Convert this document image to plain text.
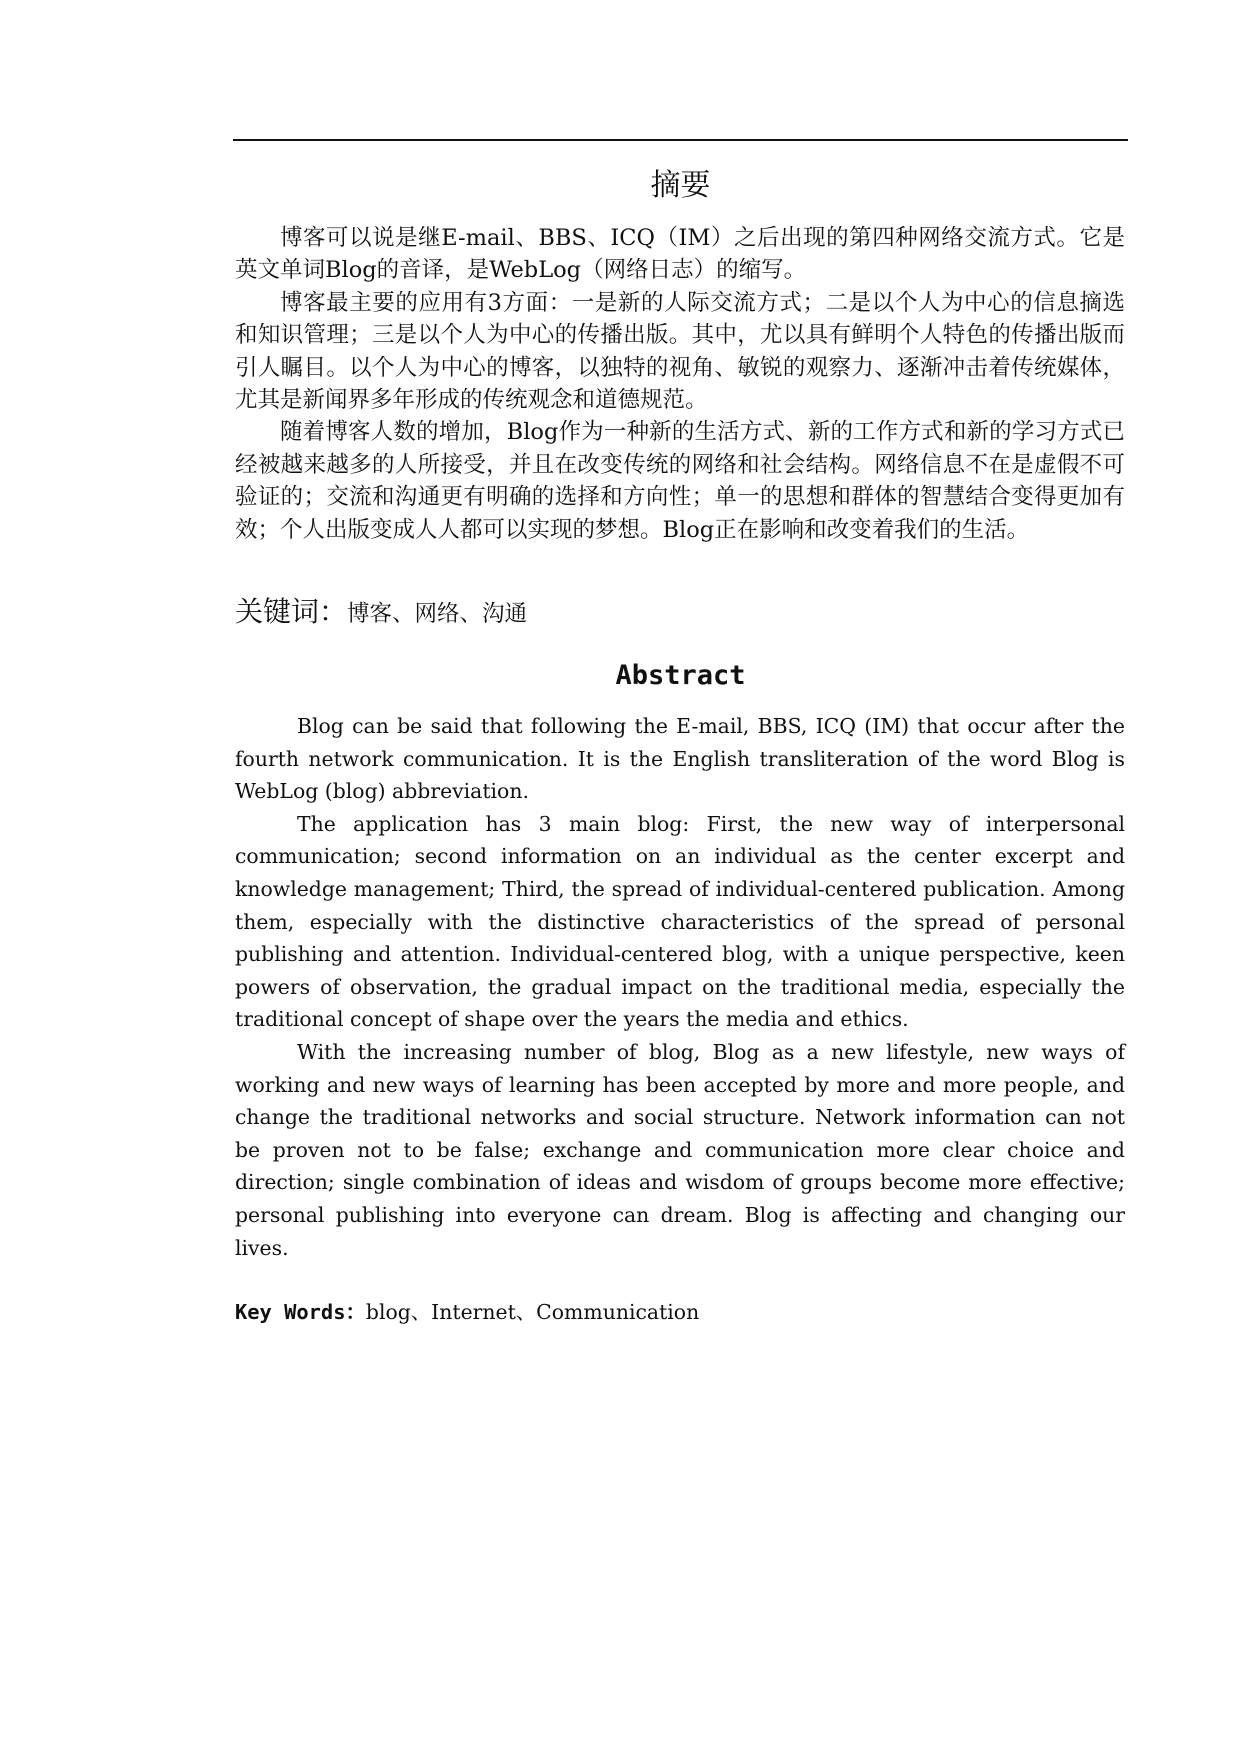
摘要

博客可以说是继E-mail、BBS、ICQ（IM）之后出现的第四种网络交流方式。它是英文单词Blog的音译，是WebLog（网络日志）的缩写。

博客最主要的应用有3方面：一是新的人际交流方式；二是以个人为中心的信息摘选和知识管理；三是以个人为中心的传播出版。其中，尤以具有鲜明个人特色的传播出版而引人瞩目。以个人为中心的博客，以独特的视角、敏锐的观察力、逐渐冲击着传统媒体，尤其是新闻界多年形成的传统观念和道德规范。

随着博客人数的增加，Blog作为一种新的生活方式、新的工作方式和新的学习方式已经被越来越多的人所接受，并且在改变传统的网络和社会结构。网络信息不在是虚假不可验证的；交流和沟通更有明确的选择和方向性；单一的思想和群体的智慧结合变得更加有效；个人出版变成人人都可以实现的梦想。Blog正在影响和改变着我们的生活。

关键词：博客、网络、沟通
Abstract

Blog can be said that following the E-mail, BBS, ICQ (IM) that occur after the fourth network communication. It is the English transliteration of the word Blog is WebLog (blog) abbreviation.

The application has 3 main blog: First, the new way of interpersonal communication; second information on an individual as the center excerpt and knowledge management; Third, the spread of individual-centered publication. Among them, especially with the distinctive characteristics of the spread of personal publishing and attention. Individual-centered blog, with a unique perspective, keen powers of observation, the gradual impact on the traditional media, especially the traditional concept of shape over the years the media and ethics.

With the increasing number of blog, Blog as a new lifestyle, new ways of working and new ways of learning has been accepted by more and more people, and change the traditional networks and social structure. Network information can not be proven not to be false; exchange and communication more clear choice and direction; single combination of ideas and wisdom of groups become more effective; personal publishing into everyone can dream. Blog is affecting and changing our lives.

Key Words：blog、Internet、Communication
